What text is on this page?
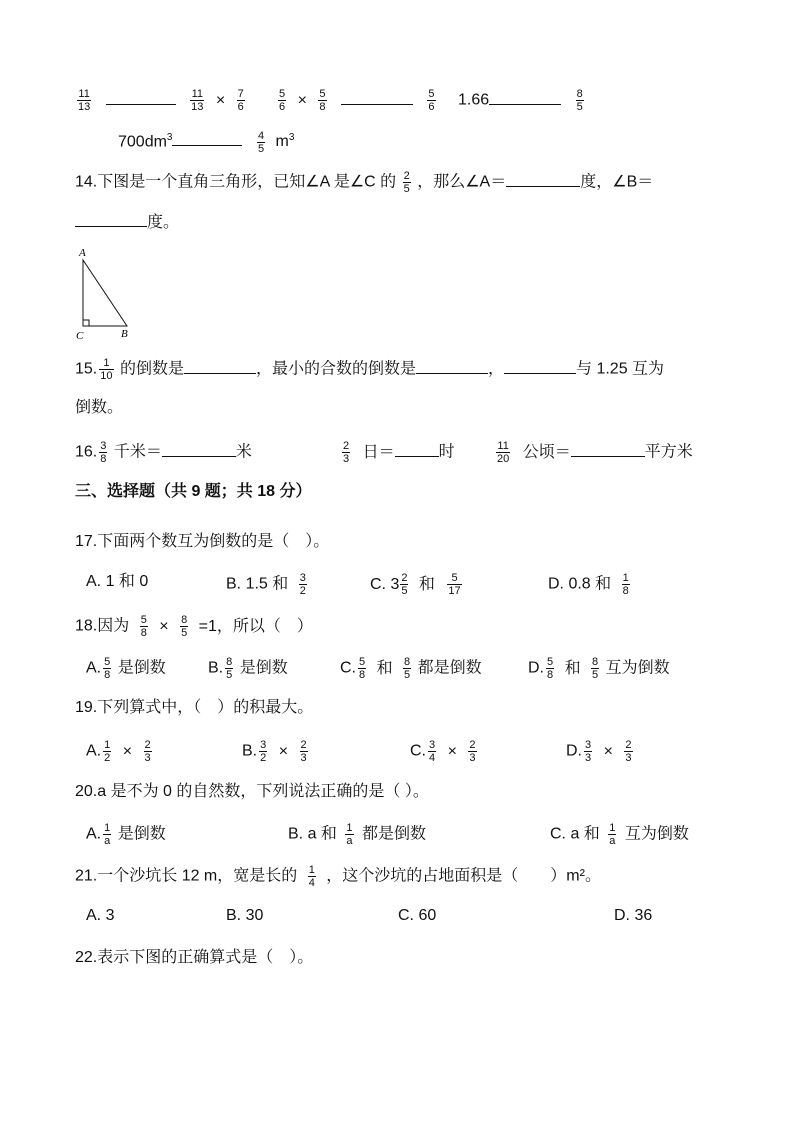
$\frac{11}{13}$
	$\frac{11}{13} \times \frac{7}{6}$	$\frac{5}{6} \times \frac{5}{8}$
	$\frac{5}{6} 1.66$	$\frac{8}{5}$
$700dm^3$	$\frac{4}{5} m^3$
14.下图是一个直角三角形，已知∠A 是∠C 的 $\frac{2}{5}$ ，那么∠A＝	度，∠B＝
度。
A
C	B
15. $\frac{1}{10}$ 的倒数是	，最小的合数的倒数是	，	与 1.25 互为
倒数。
16. $\frac{3}{8}$ 千米＝	米	$\frac{2}{3}$ 日＝	时	$\frac{11}{20}$ 公顷＝	平方米
三、选择题（共 9 题；共 18 分）
17.下面两个数互为倒数的是（　）。
A. 1 和 0	B. 1.5 和 $\frac{3}{2}$	C. $3 \frac{2}{5}$ 和 $\frac{5}{17}$	D. 0.8 和 $\frac{1}{8}$
18.因为 $\frac{5}{8} \times \frac{8}{5} =1$，所以（　）
A. $\frac{5}{8}$ 是倒数	B. $\frac{8}{5}$ 是倒数	C. $\frac{5}{8}$ 和 $\frac{8}{5}$ 都是倒数	D. $\frac{5}{8}$ 和 $\frac{8}{5}$ 互为倒数
19.下列算式中，（　）的积最大。
A. $\frac{1}{2} \times \frac{2}{3}$	B. $\frac{3}{2} \times \frac{2}{3}$	C. $\frac{3}{4} \times \frac{2}{3}$	D. $\frac{3}{3} \times \frac{2}{3}$
20.a 是不为 0 的自然数，下列说法正确的是（ ）。
A. $\frac{1}{a}$ 是倒数	B. a 和 $\frac{1}{a}$ 都是倒数	C. a 和 $\frac{1}{a}$ 互为倒数
21.一个沙坑长 12 m，宽是长的 $\frac{1}{4}$ ，这个沙坑的占地面积是（　　）m²。
A. 3	B. 30	C. 60	D. 36
22.表示下图的正确算式是（　）。
